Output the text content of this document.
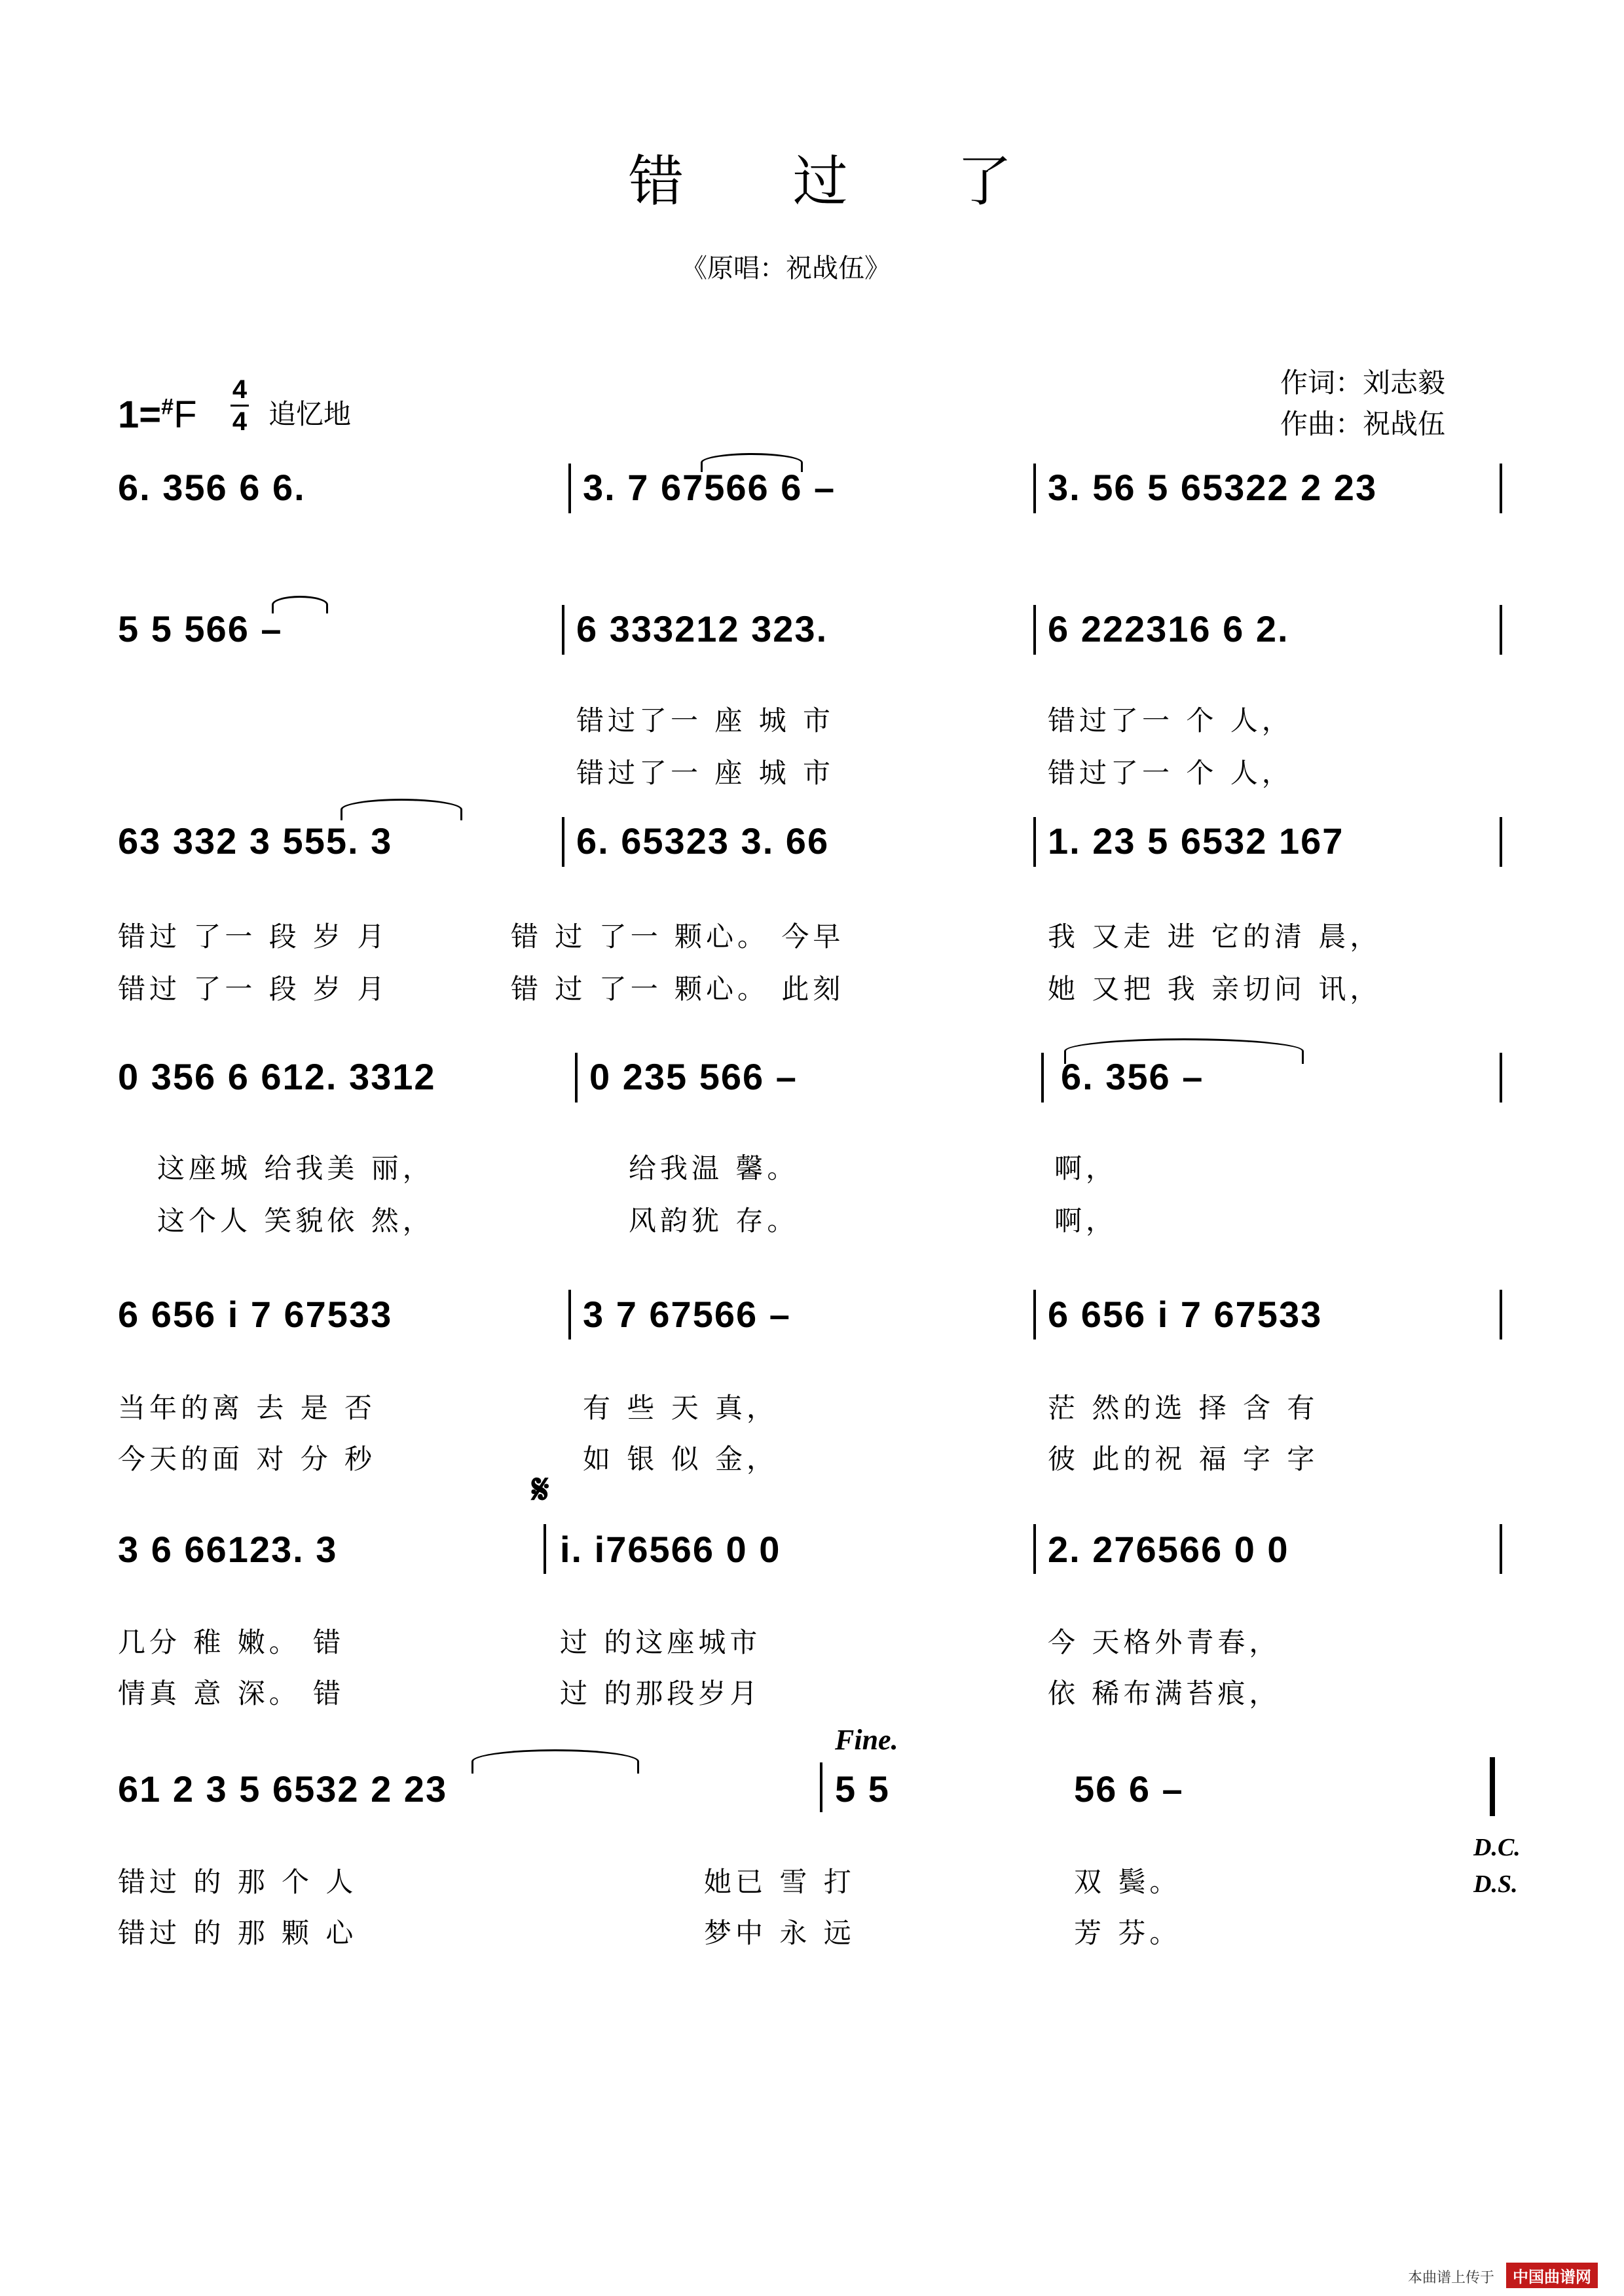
错 过 了
《原唱：祝战伍》
作词：刘志毅
作曲：祝战伍
1=#F
4
4 追忆地
6. 356 6 6.	3. 7 67566 6 –	3. 56 5 65322 2 23
5 5 566 –	6 333212 323.	6 222316 6 2.
错过了一 座 城 市	错过了一 个 人，
错过了一 座 城 市	错过了一 个 人，
63 332 3 555. 3	6. 65323 3. 66	1. 23 5 6532 167
错过 了一 段 岁 月	错 过 了一 颗心。 今早	我 又走 进 它的清 晨，
错过 了一 段 岁 月	错 过 了一 颗心。 此刻	她 又把 我 亲切问 讯，
0 356 6 612. 3312	0 235 566 –	6. 356 –
这座城 给我美 丽，	给我温 馨。	啊，
这个人 笑貌依 然，	风韵犹 存。	啊，
6 656 i 7 67533	3 7 67566 –	6 656 i 7 67533
当年的离 去 是 否	有 些 天 真，	茫 然的选 择 含 有
今天的面 对 分 秒	如 银 似 金，	彼 此的祝 福 字 字
𝄋
3 6 66123. 3	i. i76566 0 0	2. 276566 0 0
几分 稚 嫩。 错	过 的这座城市	今 天格外青春，
情真 意 深。 错	过 的那段岁月	依 稀布满苔痕，
Fine.
61 2 3 5 6532 2 23	5 5	56 6 –
错过 的 那 个 人	她已 雪 打	双 鬓。
错过 的 那 颗 心	梦中 永 远	芳 芬。
D.C.
D.S.
本曲谱上传于	中国曲谱网
